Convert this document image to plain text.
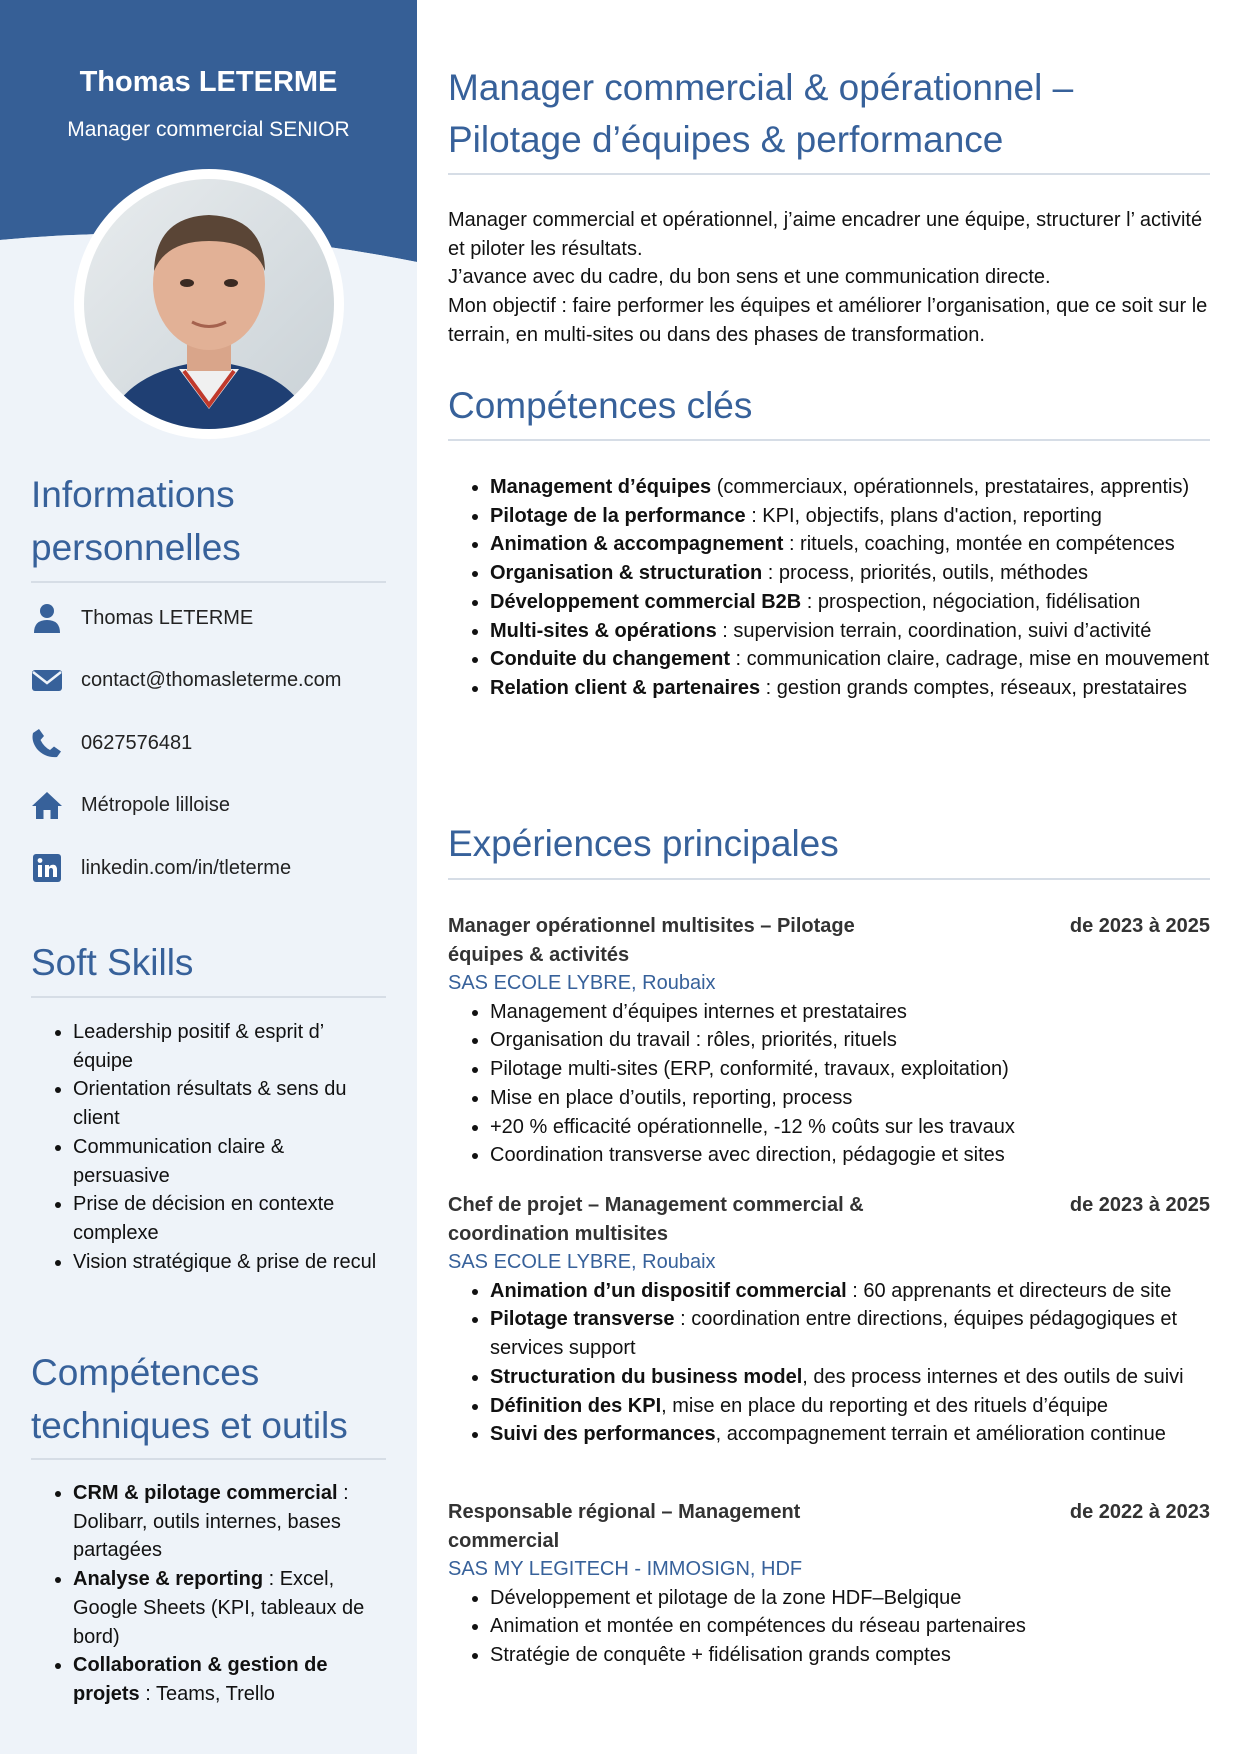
Thomas LETERME
Manager commercial SENIOR
Informations personnelles
Thomas LETERME
contact@thomasleterme.com
0627576481
Métropole lilloise
linkedin.com/in/tleterme
Soft Skills
• Leadership positif & esprit d’ équipe
• Orientation résultats & sens du client
• Communication claire & persuasive
• Prise de décision en contexte complexe
• Vision stratégique & prise de recul
Compétences techniques et outils
• CRM & pilotage commercial : Dolibarr, outils internes, bases partagées
• Analyse & reporting : Excel, Google Sheets (KPI, tableaux de bord)
• Collaboration & gestion de projets : Teams, Trello
Manager commercial & opérationnel – Pilotage d’équipes & performance

Manager commercial et opérationnel, j’aime encadrer une équipe, structurer l’ activité et piloter les résultats.

J’avance avec du cadre, du bon sens et une communication directe.

Mon objectif : faire performer les équipes et améliorer l’organisation, que ce soit sur le terrain, en multi-sites ou dans des phases de transformation.

Compétences clés
• Management d’équipes (commerciaux, opérationnels, prestataires, apprentis)
• Pilotage de la performance : KPI, objectifs, plans d'action, reporting
• Animation & accompagnement : rituels, coaching, montée en compétences
• Organisation & structuration : process, priorités, outils, méthodes
• Développement commercial B2B : prospection, négociation, fidélisation
• Multi-sites & opérations : supervision terrain, coordination, suivi d’activité
• Conduite du changement : communication claire, cadrage, mise en mouvement
• Relation client & partenaires : gestion grands comptes, réseaux, prestataires
Expériences principales
Manager opérationnel multisites – Pilotage équipes & activités
de 2023 à 2025
SAS ECOLE LYBRE, Roubaix
• Management d’équipes internes et prestataires
• Organisation du travail : rôles, priorités, rituels
• Pilotage multi-sites (ERP, conformité, travaux, exploitation)
• Mise en place d’outils, reporting, process
• +20 % efficacité opérationnelle, -12 % coûts sur les travaux
• Coordination transverse avec direction, pédagogie et sites
Chef de projet – Management commercial & coordination multisites
de 2023 à 2025
SAS ECOLE LYBRE, Roubaix
• Animation d’un dispositif commercial : 60 apprenants et directeurs de site
• Pilotage transverse : coordination entre directions, équipes pédagogiques et services support
• Structuration du business model, des process internes et des outils de suivi
• Définition des KPI, mise en place du reporting et des rituels d’équipe
• Suivi des performances, accompagnement terrain et amélioration continue
Responsable régional – Management commercial
de 2022 à 2023
SAS MY LEGITECH - IMMOSIGN, HDF
• Développement et pilotage de la zone HDF–Belgique
• Animation et montée en compétences du réseau partenaires
• Stratégie de conquête + fidélisation grands comptes
